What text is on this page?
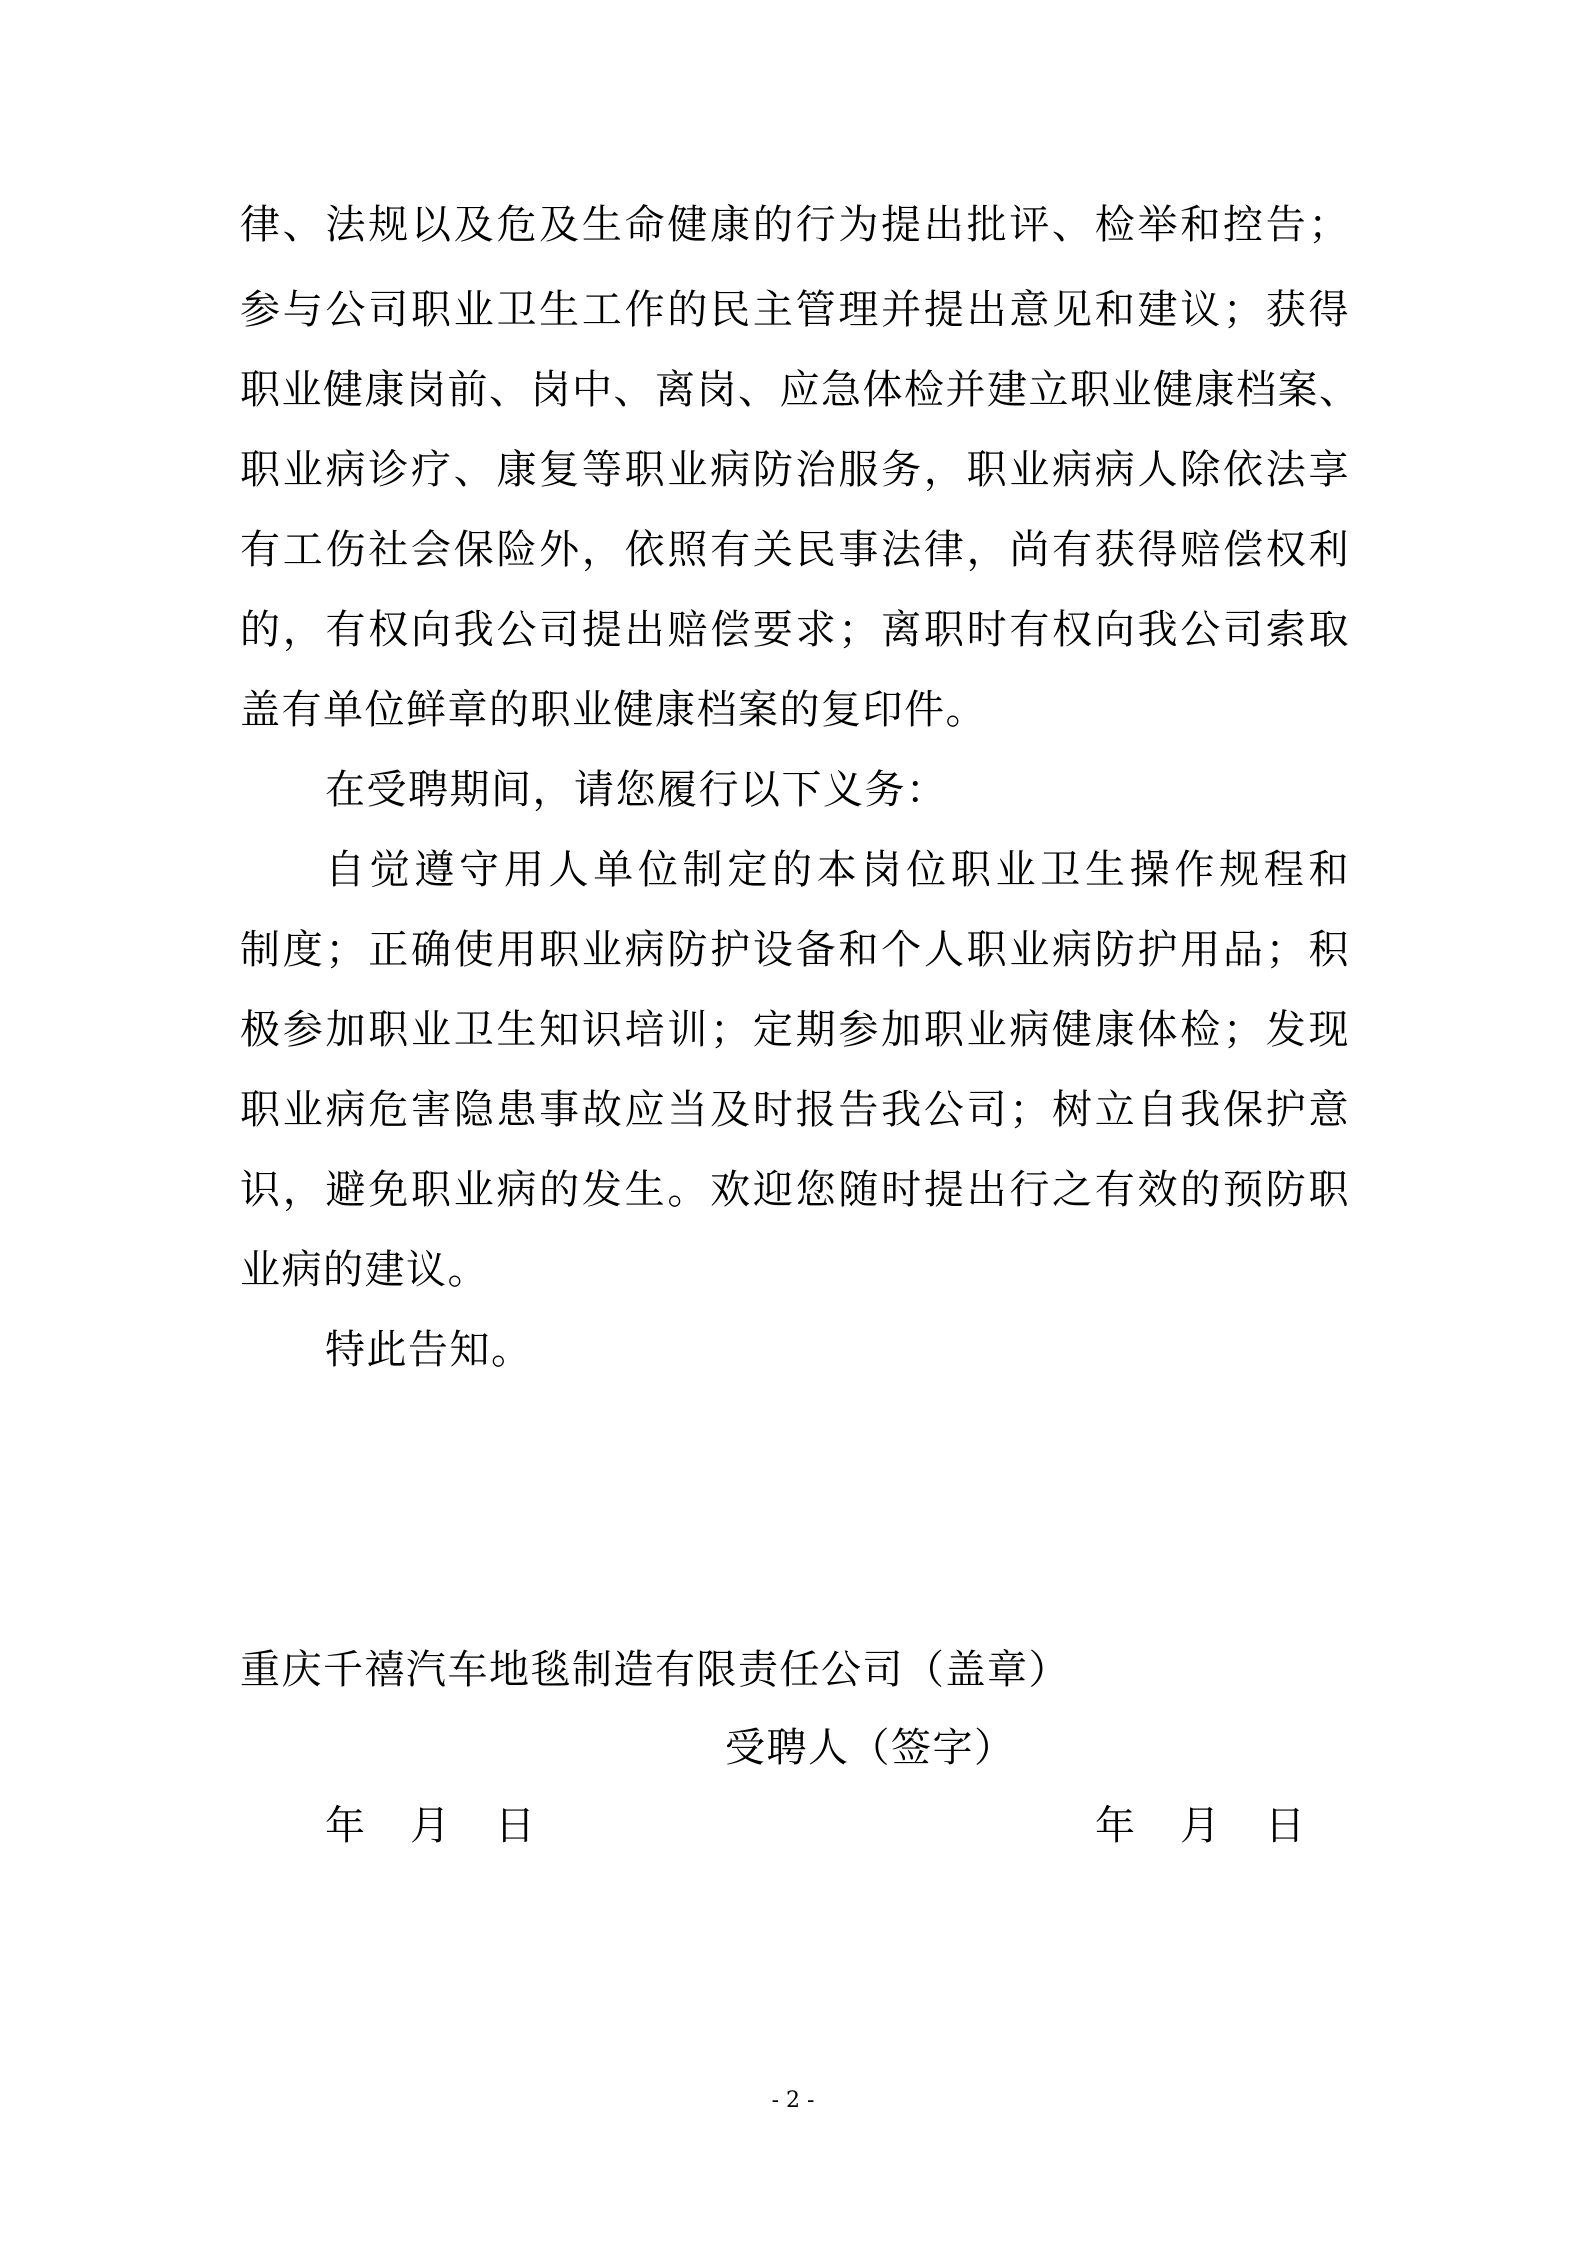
律、法规以及危及生命健康的行为提出批评、检举和控告；
参与公司职业卫生工作的民主管理并提出意见和建议；获得
职业健康岗前、岗中、离岗、应急体检并建立职业健康档案、
职业病诊疗、康复等职业病防治服务，职业病病人除依法享
有工伤社会保险外，依照有关民事法律，尚有获得赔偿权利
的，有权向我公司提出赔偿要求；离职时有权向我公司索取
盖有单位鲜章的职业健康档案的复印件。
在受聘期间，请您履行以下义务：
自觉遵守用人单位制定的本岗位职业卫生操作规程和
制度；正确使用职业病防护设备和个人职业病防护用品；积
极参加职业卫生知识培训；定期参加职业病健康体检；发现
职业病危害隐患事故应当及时报告我公司；树立自我保护意
识，避免职业病的发生。欢迎您随时提出行之有效的预防职
业病的建议。
特此告知。
重庆千禧汽车地毯制造有限责任公司（盖章）
受聘人（签字）
年 月 日	年 月 日
- 2 -
